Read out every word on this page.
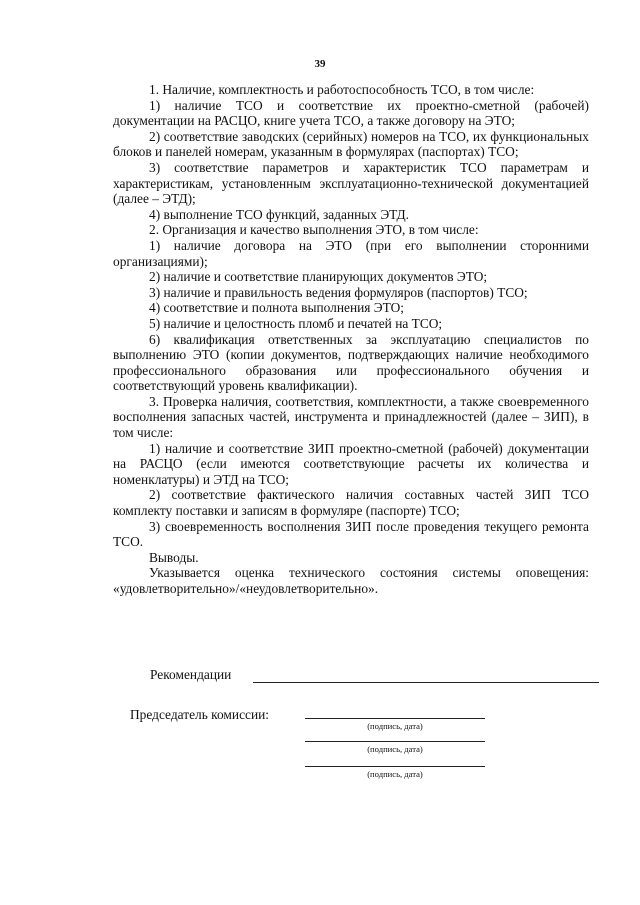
39

1. Наличие, комплектность и работоспособность ТСО, в том числе:

1) наличие ТСО и соответствие их проектно-сметной (рабочей) документации на РАСЦО, книге учета ТСО, а также договору на ЭТО;

2) соответствие заводских (серийных) номеров на ТСО, их функциональных блоков и панелей номерам, указанным в формулярах (паспортах) ТСО;

3) соответствие параметров и характеристик ТСО параметрам и характеристикам, установленным эксплуатационно-технической документацией (далее – ЭТД);

4) выполнение ТСО функций, заданных ЭТД.

2. Организация и качество выполнения ЭТО, в том числе:

1) наличие договора на ЭТО (при его выполнении сторонними организациями);

2) наличие и соответствие планирующих документов ЭТО;

3) наличие и правильность ведения формуляров (паспортов) ТСО;

4) соответствие и полнота выполнения ЭТО;

5) наличие и целостность пломб и печатей на ТСО;

6) квалификация ответственных за эксплуатацию специалистов по выполнению ЭТО (копии документов, подтверждающих наличие необходимого профессионального образования или профессионального обучения и соответствующий уровень квалификации).

3. Проверка наличия, соответствия, комплектности, а также своевременного восполнения запасных частей, инструмента и принадлежностей (далее – ЗИП), в том числе:

1) наличие и соответствие ЗИП проектно-сметной (рабочей) документации на РАСЦО (если имеются соответствующие расчеты их количества и номенклатуры) и ЭТД на ТСО;

2) соответствие фактического наличия составных частей ЗИП ТСО комплекту поставки и записям в формуляре (паспорте) ТСО;

3) своевременность восполнения ЗИП после проведения текущего ремонта ТСО.

Выводы.

Указывается оценка технического состояния системы оповещения: «удовлетворительно»/«неудовлетворительно».

Рекомендации
Председатель комиссии:
(подпись, дата)
(подпись, дата)
(подпись, дата)
